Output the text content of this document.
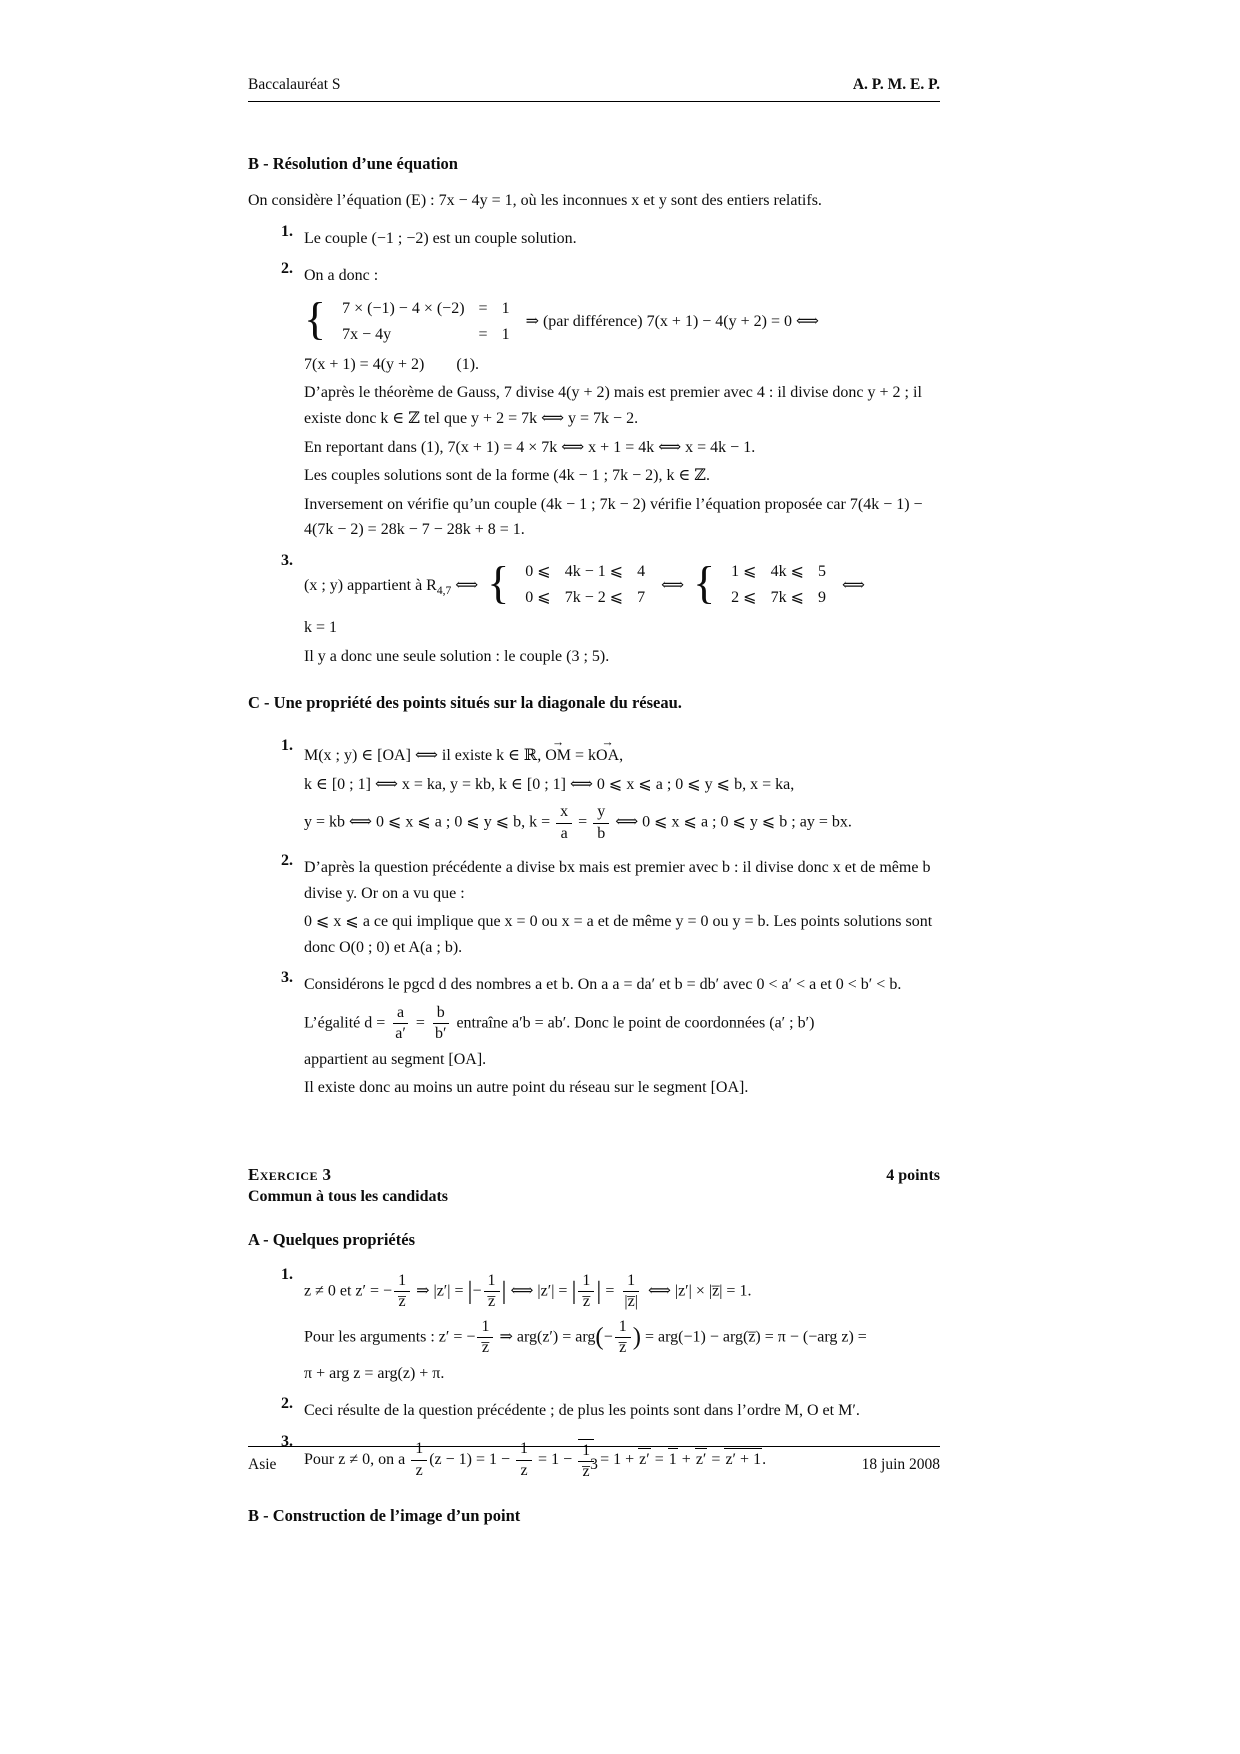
Baccalauréat S	A. P. M. E. P.
B - Résolution d’une équation

On considère l’équation (E) : 7x − 4y = 1, où les inconnues x et y sont des entiers relatifs.

1. Le couple (−1 ; −2) est un couple solution.

2. On a donc :

{ 7 × (−1) − 4 × (−2)	=	1
7x − 4y	=	1
⇒ (par différence) 7(x + 1) − 4(y + 2) = 0 ⟺

7(x + 1) = 4(y + 2)  (1).

D’après le théorème de Gauss, 7 divise 4(y + 2) mais est premier avec 4 : il divise donc y + 2 ; il existe donc k ∈ ℤ tel que y + 2 = 7k ⟺ y = 7k − 2.

En reportant dans (1), 7(x + 1) = 4 × 7k ⟺ x + 1 = 4k ⟺ x = 4k − 1.

Les couples solutions sont de la forme (4k − 1 ; 7k − 2), k ∈ ℤ.

Inversement on vérifie qu’un couple (4k − 1 ; 7k − 2) vérifie l’équation proposée car 7(4k − 1) − 4(7k − 2) = 28k − 7 − 28k + 8 = 1.

3.
(x ; y) appartient à $R_{4,7}$ ⟺ { 0 ⩽	4k − 1 ⩽	4
0 ⩽	7k − 2 ⩽	7
⟺ { 1 ⩽	4k ⩽	5
2 ⩽	7k ⩽	9
⟺

k = 1

Il y a donc une seule solution : le couple (3 ; 5).

C - Une propriété des points situés sur la diagonale du réseau.
1.

M(x ; y) ∈ [OA] ⟺ il existe k ∈ ℝ, OM → = kOA →,

k ∈ [0 ; 1] ⟺ x = ka, y = kb, k ∈ [0 ; 1] ⟺ 0 ⩽ x ⩽ a ; 0 ⩽ y ⩽ b, x = ka,

y = kb ⟺ 0 ⩽ x ⩽ a ; 0 ⩽ y ⩽ b, $k = \frac{x}{a} = \frac{y}{b}$ ⟺ 0 ⩽ x ⩽ a ; 0 ⩽ y ⩽ b ; ay = bx.

2. D’après la question précédente a divise bx mais est premier avec b : il divise donc x et de même b divise y. Or on a vu que :

0 ⩽ x ⩽ a ce qui implique que x = 0 ou x = a et de même y = 0 ou y = b. Les points solutions sont donc O(0 ; 0) et A(a ; b).

3. Considérons le pgcd d des nombres a et b. On a a = da′ et b = db′ avec 0 < a′ < a et 0 < b′ < b.

L’égalité $d = \frac{a}{a'} = \frac{b}{b'}$ entraîne a′b = ab′. Donc le point de coordonnées (a′ ; b′)

appartient au segment [OA].

Il existe donc au moins un autre point du réseau sur le segment [OA].

Exercice 3	4 points

Commun à tous les candidats

A - Quelques propriétés
1.

z ≠ 0 et z′ = − $\frac{1}{z̅}$ ⇒ |z′| = |− $\frac{1}{z̅}$ | ⟺ |z′| = | $\frac{1}{z̅}$ | = $\frac{1}{|z̅|}$ ⟺ |z′| × |z̅| = 1.

Pour les arguments : z′ = − $\frac{1}{z̅}$ ⇒ $arg(z') = arg(- \frac{1}{z̅}$ ) = arg(−1) − arg(z̅) = π − (−arg z) =

π + arg z = arg(z) + π.

2. Ceci résulte de la question précédente ; de plus les points sont dans l’ordre M, O et M′.

3.

Pour z ≠ 0, on a $\frac{1}{z} (z - 1) = 1 - \frac{1}{z} = 1 - \frac{1}{z̅} = 1 + z' = 1 + z' = z' + 1$.

B - Construction de l’image d’un point
Asie	3	18 juin 2008
